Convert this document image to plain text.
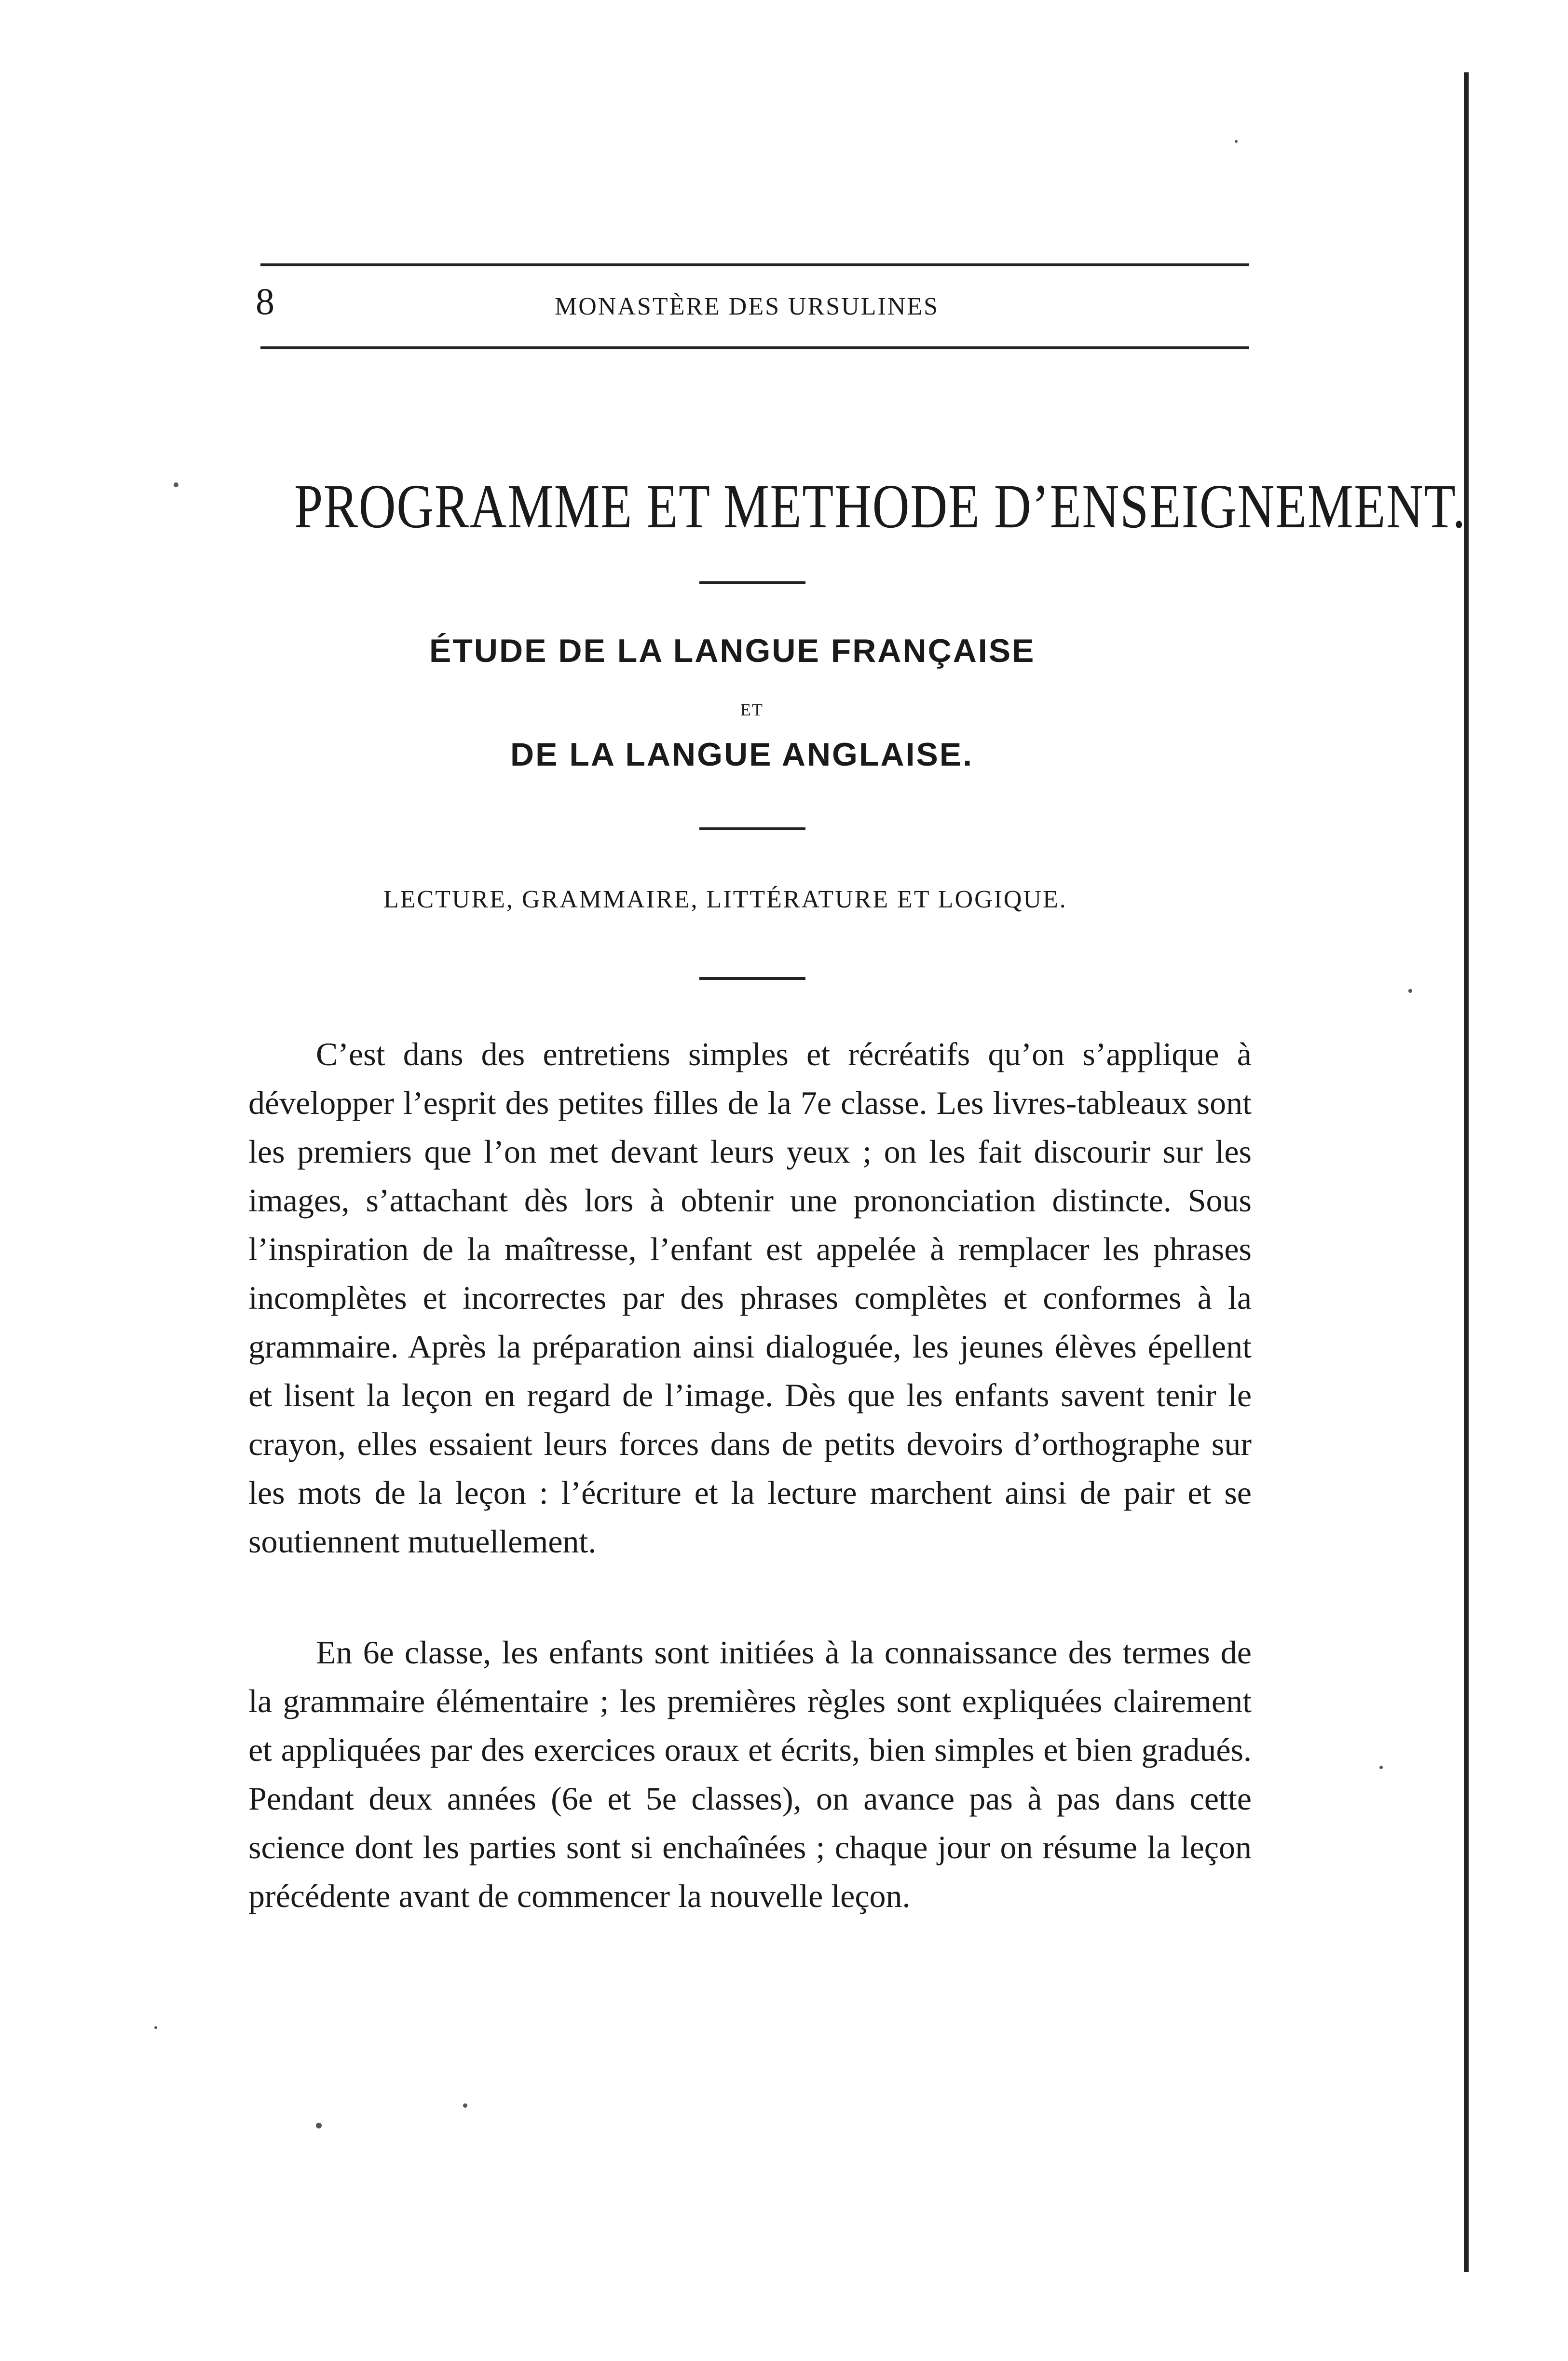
8	MONASTÈRE DES URSULINES
PROGRAMME ET METHODE D’ENSEIGNEMENT.
ÉTUDE DE LA LANGUE FRANÇAISE
ET
DE LA LANGUE ANGLAISE.
LECTURE, GRAMMAIRE, LITTÉRATURE ET LOGIQUE.

C’est dans des entretiens simples et récréatifs qu’on s’applique à développer l’esprit des petites filles de la 7e classe. Les livres-tableaux sont les premiers que l’on met devant leurs yeux ; on les fait discourir sur les images, s’attachant dès lors à obtenir une prononciation distincte. Sous l’inspiration de la maîtresse, l’enfant est appelée à remplacer les phrases incomplètes et incorrectes par des phrases complètes et conformes à la grammaire. Après la préparation ainsi dialoguée, les jeunes élèves épellent et lisent la leçon en regard de l’image. Dès que les enfants savent tenir le crayon, elles essaient leurs forces dans de petits devoirs d’orthographe sur les mots de la leçon : l’écriture et la lecture marchent ainsi de pair et se soutiennent mutuellement.

En 6e classe, les enfants sont initiées à la connaissance des termes de la grammaire élémentaire ; les premières règles sont expliquées clairement et appliquées par des exercices oraux et écrits, bien simples et bien gradués. Pendant deux années (6e et 5e classes), on avance pas à pas dans cette science dont les parties sont si enchaînées ; chaque jour on résume la leçon précédente avant de commencer la nouvelle leçon.
